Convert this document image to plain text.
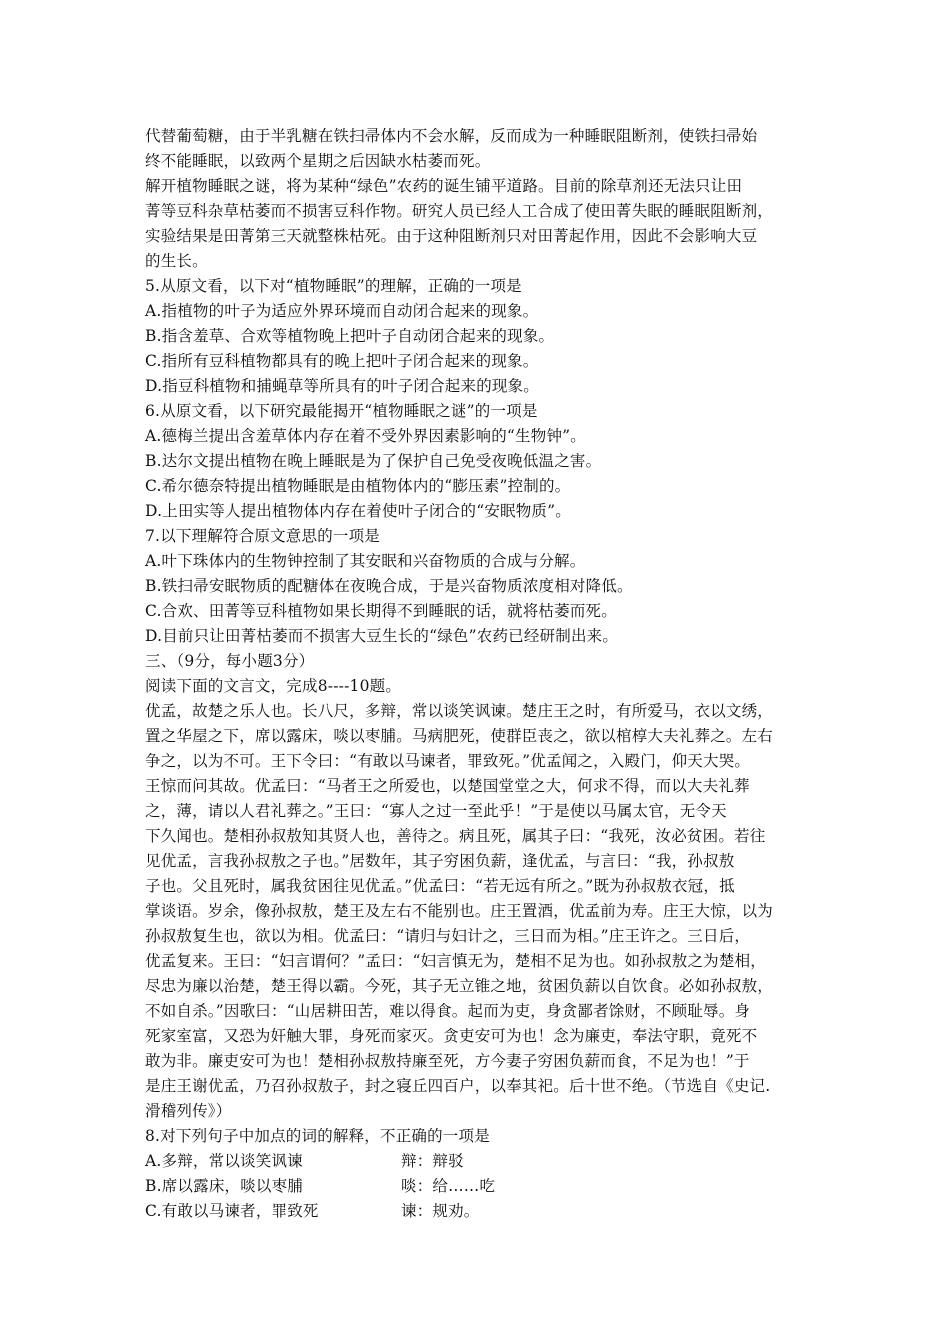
代替葡萄糖，由于半乳糖在铁扫帚体内不会水解，反而成为一种睡眠阻断剂，使铁扫帚始
终不能睡眠，以致两个星期之后因缺水枯萎而死。
解开植物睡眠之谜，将为某种“绿色”农药的诞生铺平道路。目前的除草剂还无法只让田
菁等豆科杂草枯萎而不损害豆科作物。研究人员已经人工合成了使田菁失眠的睡眠阻断剂，
实验结果是田菁第三天就整株枯死。由于这种阻断剂只对田菁起作用，因此不会影响大豆
的生长。
5.从原文看，以下对“植物睡眠”的理解，正确的一项是
A.指植物的叶子为适应外界环境而自动闭合起来的现象。
B.指含羞草、合欢等植物晚上把叶子自动闭合起来的现象。
C.指所有豆科植物都具有的晚上把叶子闭合起来的现象。
D.指豆科植物和捕蝇草等所具有的叶子闭合起来的现象。
6.从原文看，以下研究最能揭开“植物睡眠之谜”的一项是
A.德梅兰提出含羞草体内存在着不受外界因素影响的“生物钟”。
B.达尔文提出植物在晚上睡眠是为了保护自己免受夜晚低温之害。
C.希尔德奈特提出植物睡眠是由植物体内的“膨压素”控制的。
D.上田实等人提出植物体内存在着使叶子闭合的“安眠物质”。
7.以下理解符合原文意思的一项是
A.叶下珠体内的生物钟控制了其安眠和兴奋物质的合成与分解。
B.铁扫帚安眠物质的配糖体在夜晚合成，于是兴奋物质浓度相对降低。
C.合欢、田菁等豆科植物如果长期得不到睡眠的话，就将枯萎而死。
D.目前只让田菁枯萎而不损害大豆生长的“绿色”农药已经研制出来。
三、（9分，每小题3分）
阅读下面的文言文，完成8----10题。
优孟，故楚之乐人也。长八尺，多辩，常以谈笑讽谏。楚庄王之时，有所爱马，衣以文绣，
置之华屋之下，席以露床，啖以枣脯。马病肥死，使群臣丧之，欲以棺椁大夫礼葬之。左右
争之，以为不可。王下令曰：“有敢以马谏者，罪致死。”优孟闻之，入殿门，仰天大哭。
王惊而问其故。优孟曰：“马者王之所爱也，以楚国堂堂之大，何求不得，而以大夫礼葬
之，薄，请以人君礼葬之。”王曰：“寡人之过一至此乎！”于是使以马属太官，无令天
下久闻也。楚相孙叔敖知其贤人也，善待之。病且死，属其子曰：“我死，汝必贫困。若往
见优孟，言我孙叔敖之子也。”居数年，其子穷困负薪，逢优孟，与言曰：“我，孙叔敖
子也。父且死时，属我贫困往见优孟。”优孟曰：“若无远有所之。”既为孙叔敖衣冠，抵
掌谈语。岁余，像孙叔敖，楚王及左右不能别也。庄王置酒，优孟前为寿。庄王大惊，以为
孙叔敖复生也，欲以为相。优孟曰：“请归与妇计之，三日而为相。”庄王许之。三日后，
优孟复来。王曰：“妇言谓何？”孟曰：“妇言慎无为，楚相不足为也。如孙叔敖之为楚相，
尽忠为廉以治楚，楚王得以霸。今死，其子无立锥之地，贫困负薪以自饮食。必如孙叔敖，
不如自杀。”因歌曰：“山居耕田苦，难以得食。起而为吏，身贪鄙者馀财，不顾耻辱。身
死家室富，又恐为奸触大罪，身死而家灭。贪吏安可为也！念为廉吏，奉法守职，竟死不
敢为非。廉吏安可为也！楚相孙叔敖持廉至死，方今妻子穷困负薪而食，不足为也！”于
是庄王谢优孟，乃召孙叔敖子，封之寝丘四百户，以奉其祀。后十世不绝。（节选自《史记.
滑稽列传》）
8.对下列句子中加点的词的解释，不正确的一项是
A.多辩，常以谈笑讽谏	辩：辩驳
B.席以露床，啖以枣脯	啖：给……吃
C.有敢以马谏者，罪致死	谏：规劝。
